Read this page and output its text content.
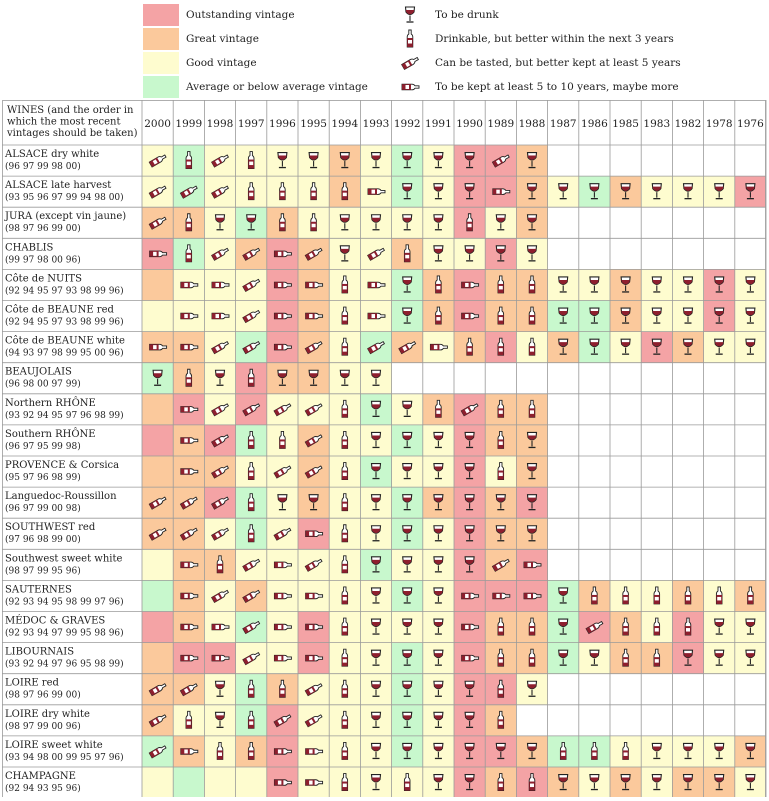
Outstanding vintage
Great vintage
Good vintage
Average or below average vintage
To be drunk
Drinkable, but better within the next 3 years
Can be tasted, but better kept at least 5 years
To be kept at least 5 to 10 years, maybe more
WINES (and the order in
which the most recent
vintages should be taken)
2000 1999 1998 1997 1996 1995 1994 1993 1992 1991 1990 1989 1988 1987 1986 1985 1983 1982 1978 1976
ALSACE dry white
(96 97 99 98 00)
ALSACE late harvest
(93 95 96 97 99 94 98 00)
JURA (except vin jaune)
(98 97 96 99 00)
CHABLIS
(99 97 98 00 96)
Côte de NUITS
(92 94 95 97 93 98 99 96)
Côte de BEAUNE red
(92 94 95 97 93 98 99 96)
Côte de BEAUNE white
(94 93 97 98 99 95 00 96)
BEAUJOLAIS
(96 98 00 97 99)
Northern RHÔNE
(93 92 94 95 97 96 98 99)
Southern RHÔNE
(96 97 95 99 98)
PROVENCE & Corsica
(95 97 96 98 99)
Languedoc-Roussillon
(96 97 99 00 98)
SOUTHWEST red
(97 96 98 99 00)
Southwest sweet white
(98 97 99 95 96)
SAUTERNES
(92 93 94 95 98 99 97 96)
MÉDOC & GRAVES
(92 93 94 97 99 95 98 96)
LIBOURNAIS
(93 92 94 97 96 95 98 99)
LOIRE red
(98 97 96 99 00)
LOIRE dry white
(98 97 99 00 96)
LOIRE sweet white
(93 94 98 00 99 95 97 96)
CHAMPAGNE
(92 94 93 95 96)
